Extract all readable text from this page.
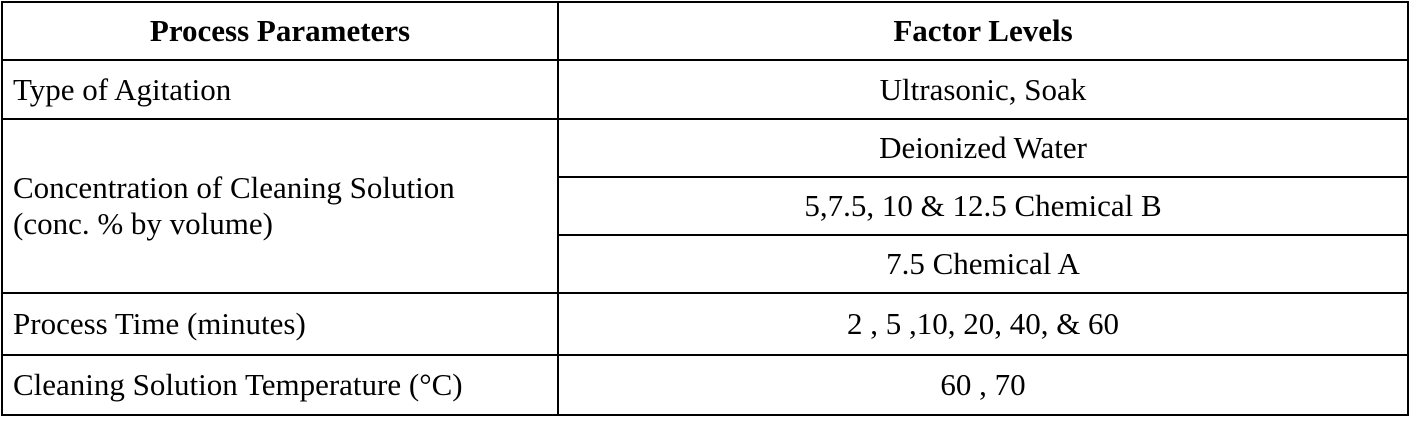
Process Parameters	Factor Levels
Type of Agitation	Ultrasonic, Soak

Concentration of Cleaning Solution
(conc. % by volume)	Deionized Water
	5,7.5, 10 & 12.5 Chemical B
	7.5 Chemical A
Process Time (minutes)	2 , 5 ,10, 20, 40, & 60
Cleaning Solution Temperature (°C)	60 , 70
